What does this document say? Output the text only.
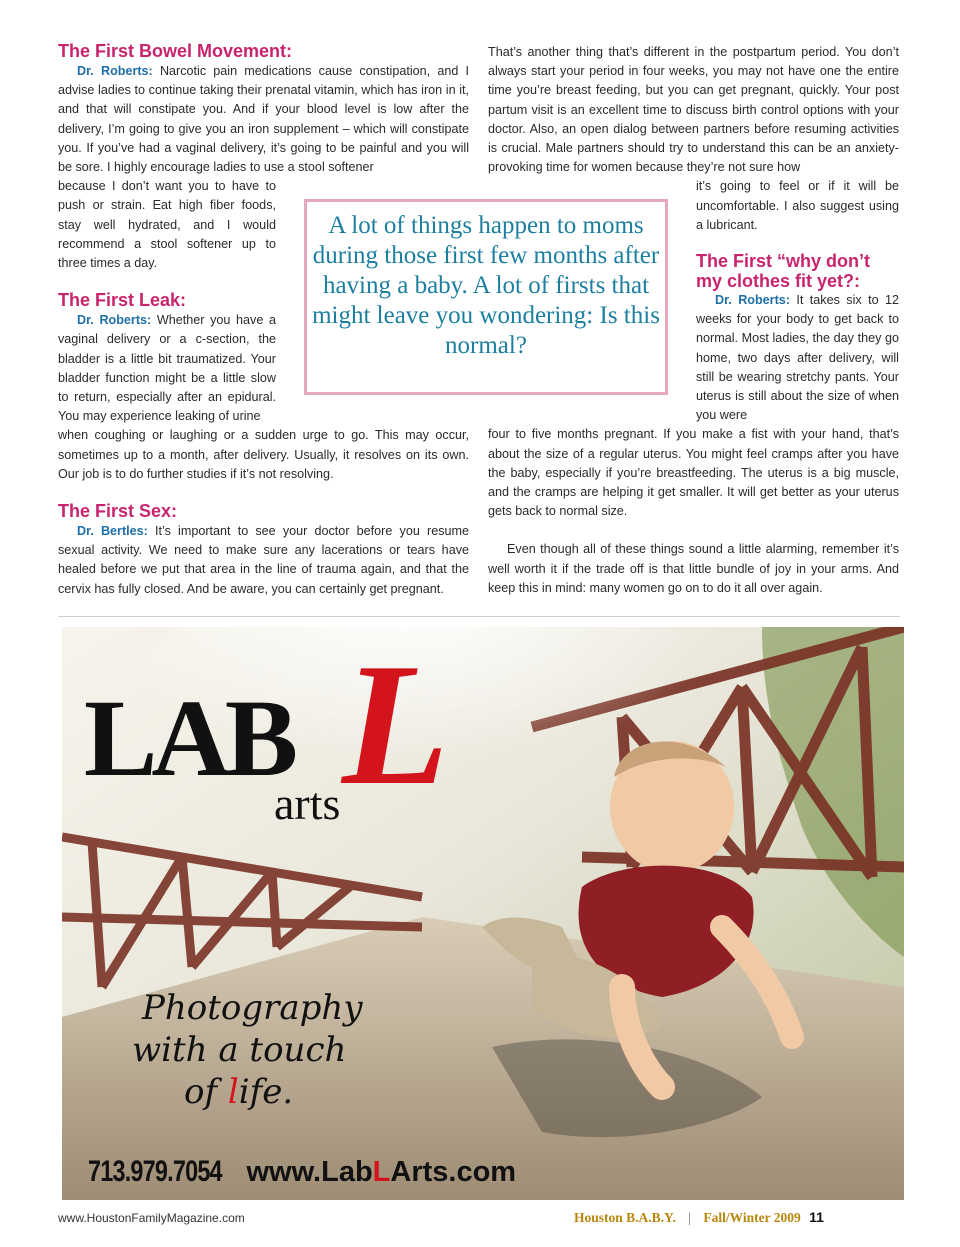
The First Bowel Movement:

Dr. Roberts: Narcotic pain medications cause constipation, and I advise ladies to continue taking their prenatal vitamin, which has iron in it, and that will constipate you. And if your blood level is low after the delivery, I’m going to give you an iron supplement – which will constipate you. If you’ve had a vaginal delivery, it’s going to be painful and you will be sore. I highly encourage ladies to use a stool softener

because I don’t want you to have to push or strain. Eat high fiber foods, stay well hydrated, and I would recommend a stool softener up to three times a day.

The First Leak:

Dr. Roberts: Whether you have a vaginal delivery or a c-section, the bladder is a little bit traumatized. Your bladder function might be a little slow to return, especially after an epidural. You may experience leaking of urine

when coughing or laughing or a sudden urge to go. This may occur, sometimes up to a month, after delivery. Usually, it resolves on its own. Our job is to do further studies if it’s not resolving.

The First Sex:

Dr. Bertles: It’s important to see your doctor before you resume sexual activity. We need to make sure any lacerations or tears have healed before we put that area in the line of trauma again, and that the cervix has fully closed. And be aware, you can certainly get pregnant.

That’s another thing that’s different in the postpartum period. You don’t always start your period in four weeks, you may not have one the entire time you’re breast feeding, but you can get pregnant, quickly. Your post partum visit is an excellent time to discuss birth control options with your doctor. Also, an open dialog between partners before resuming activities is crucial. Male partners should try to understand this can be an anxiety-provoking time for women because they’re not sure how

it’s going to feel or if it will be uncomfortable. I also suggest using a lubricant.

The First “why don’t my clothes fit yet?:

Dr. Roberts: It takes six to 12 weeks for your body to get back to normal. Most ladies, the day they go home, two days after delivery, will still be wearing stretchy pants. Your uterus is still about the size of when you were

four to five months pregnant. If you make a fist with your hand, that’s about the size of a regular uterus. You might feel cramps after you have the baby, especially if you’re breastfeeding. The uterus is a big muscle, and the cramps are helping it get smaller. It will get better as your uterus gets back to normal size.

Even though all of these things sound a little alarming, remember it’s well worth it if the trade off is that little bundle of joy in your arms. And keep this in mind: many women go on to do it all over again.

A lot of things happen to moms during those first few months after having a baby. A lot of firsts that might leave you wondering: Is this normal?
LAB L
arts
Photography
with a touch
of life.
713.979.7054 www.LabLArts.com
www.HoustonFamilyMagazine.com	Houston B.A.B.Y. | Fall/Winter 2009 11
